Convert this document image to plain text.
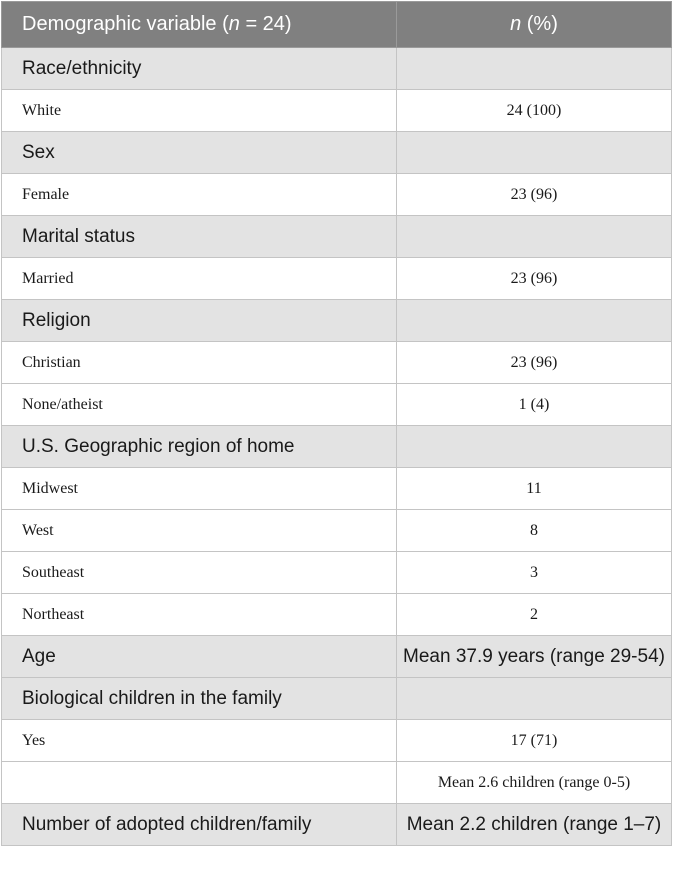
Demographic variable (n = 24)	n (%)
Race/ethnicity	
White	24 (100)
Sex	
Female	23 (96)
Marital status	
Married	23 (96)
Religion	
Christian	23 (96)
None/atheist	1 (4)
U.S. Geographic region of home	
Midwest	11
West	8
Southeast	3
Northeast	2
Age	Mean 37.9 years (range 29-54)
Biological children in the family	
Yes	17 (71)
	Mean 2.6 children (range 0-5)
Number of adopted children/family	Mean 2.2 children (range 1–7)
